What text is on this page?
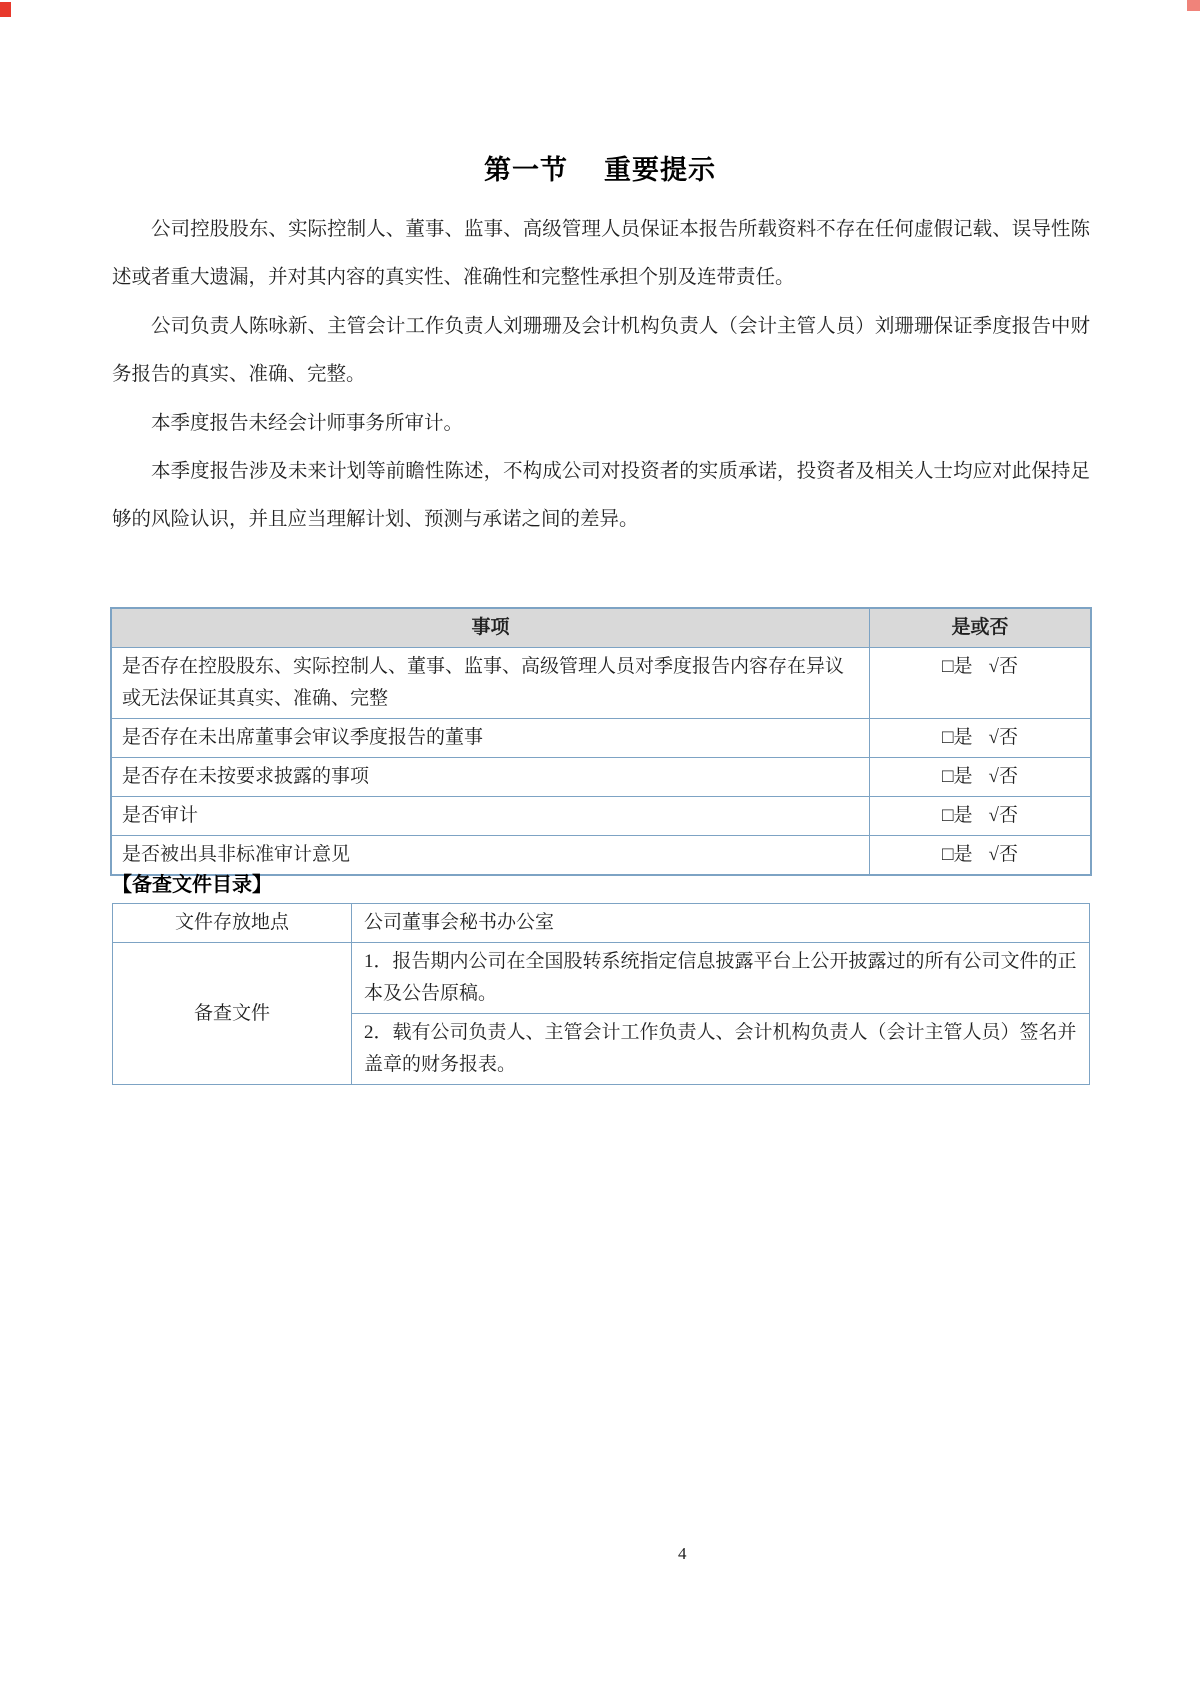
第一节 重要提示

公司控股股东、实际控制人、董事、监事、高级管理人员保证本报告所载资料不存在任何虚假记载、误导性陈述或者重大遗漏，并对其内容的真实性、准确性和完整性承担个别及连带责任。

公司负责人陈咏新、主管会计工作负责人刘珊珊及会计机构负责人（会计主管人员）刘珊珊保证季度报告中财务报告的真实、准确、完整。

本季度报告未经会计师事务所审计。

本季度报告涉及未来计划等前瞻性陈述，不构成公司对投资者的实质承诺，投资者及相关人士均应对此保持足够的风险认识，并且应当理解计划、预测与承诺之间的差异。

事项	是或否
是否存在控股股东、实际控制人、董事、监事、高级管理人员对季度报告内容存在异议或无法保证其真实、准确、完整	□是 √否
是否存在未出席董事会审议季度报告的董事	□是 √否
是否存在未按要求披露的事项	□是 √否
是否审计	□是 √否
是否被出具非标准审计意见	□是 √否
【备查文件目录】
文件存放地点	公司董事会秘书办公室
备查文件	1．报告期内公司在全国股转系统指定信息披露平台上公开披露过的所有公司文件的正本及公告原稿。
	2．载有公司负责人、主管会计工作负责人、会计机构负责人（会计主管人员）签名并盖章的财务报表。
4
